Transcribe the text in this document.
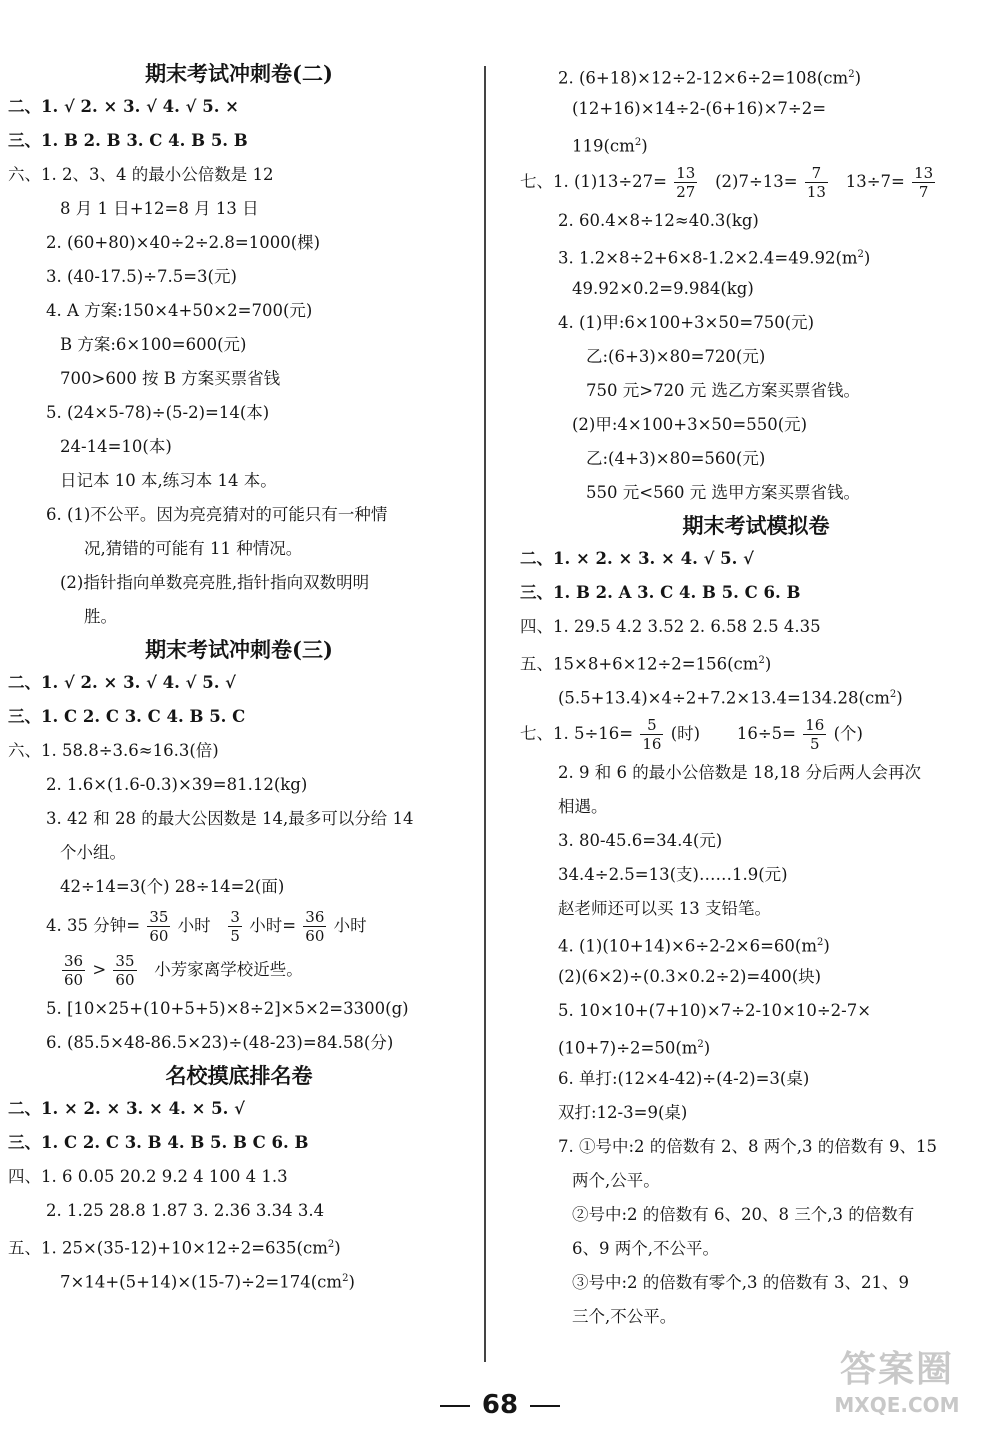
期末考试冲刺卷(二)
二、1. √ 2. × 3. √ 4. √ 5. ×
三、1. B 2. B 3. C 4. B 5. B
六、1. 2、3、4 的最小公倍数是 12
8 月 1 日+12=8 月 13 日
2. (60+80)×40÷2÷2.8=1000(棵)
3. (40-17.5)÷7.5=3(元)
4. A 方案:150×4+50×2=700(元)
B 方案:6×100=600(元)
700>600 按 B 方案买票省钱
5. (24×5-78)÷(5-2)=14(本)
24-14=10(本)
日记本 10 本,练习本 14 本。
6. (1)不公平。因为亮亮猜对的可能只有一种情
况,猜错的可能有 11 种情况。
(2)指针指向单数亮亮胜,指针指向双数明明
胜。
期末考试冲刺卷(三)
二、1. √ 2. × 3. √ 4. √ 5. √
三、1. C 2. C 3. C 4. B 5. C
六、1. 58.8÷3.6≈16.3(倍)
2. 1.6×(1.6-0.3)×39=81.12(kg)
3. 42 和 28 的最大公因数是 14,最多可以分给 14
个小组。
42÷14=3(个) 28÷14=2(面)
4. 35 分钟= $\frac{35}{60}$ 小时 $\frac{3}{5}$ 小时= $\frac{36}{60}$ 小时
$\frac{36}{60} > \frac{35}{60}$ 小芳家离学校近些。
5. [10×25+(10+5+5)×8÷2]×5×2=3300(g)
6. (85.5×48-86.5×23)÷(48-23)=84.58(分)
名校摸底排名卷
二、1. × 2. × 3. × 4. × 5. √
三、1. C 2. C 3. B 4. B 5. B C 6. B
四、1. 6 0.05 20.2 9.2 4 100 4 1.3
2. 1.25 28.8 1.87 3. 2.36 3.34 3.4
五、1. $25\times(35-12)+10\times 12\div 2=635(cm^2)$
$7\times 14+(5+14)\times(15-7)\div 2=174(cm^2)$
2. $(6+18)\times 12\div 2-12\times 6\div 2=108(cm^2)$
(12+16)×14÷2-(6+16)×7÷2=
$119(cm^2)$
七、1. $(1)13\div 27= \frac{13}{27} (2)7\div 13= \frac{7}{13} 13\div 7= \frac{13}{7}$
2. 60.4×8÷12≈40.3(kg)
3. $1.2\times 8\div 2+6\times 8-1.2\times 2.4=49.92(m^2)$
49.92×0.2=9.984(kg)
4. (1)甲:6×100+3×50=750(元)
乙:(6+3)×80=720(元)
750 元>720 元 选乙方案买票省钱。
(2)甲:4×100+3×50=550(元)
乙:(4+3)×80=560(元)
550 元<560 元 选甲方案买票省钱。
期末考试模拟卷
二、1. × 2. × 3. × 4. √ 5. √
三、1. B 2. A 3. C 4. B 5. C 6. B
四、1. 29.5 4.2 3.52 2. 6.58 2.5 4.35
五、$15\times 8+6\times 12\div 2=156(cm^2)$
$(5.5+13.4)\times 4\div 2+7.2\times 13.4=134.28(cm^2)$
七、1. $5\div 16= \frac{5}{16}$ (时) $16\div 5= \frac{16}{5}$ (个)
2. 9 和 6 的最小公倍数是 18,18 分后两人会再次
相遇。
3. 80-45.6=34.4(元)
34.4÷2.5=13(支)……1.9(元)
赵老师还可以买 13 支铅笔。
4. $(1)(10+14)\times 6\div 2-2\times 6=60(m^2)$
(2)(6×2)÷(0.3×0.2÷2)=400(块)
5. 10×10+(7+10)×7÷2-10×10÷2-7×
$(10+7)\div 2=50(m^2)$
6. 单打:(12×4-42)÷(4-2)=3(桌)
双打:12-3=9(桌)
7. ①号中:2 的倍数有 2、8 两个,3 的倍数有 9、15
两个,公平。
②号中:2 的倍数有 6、20、8 三个,3 的倍数有
6、9 两个,不公平。
③号中:2 的倍数有零个,3 的倍数有 3、21、9
三个,不公平。
68
答案圈
MXQE.COM
